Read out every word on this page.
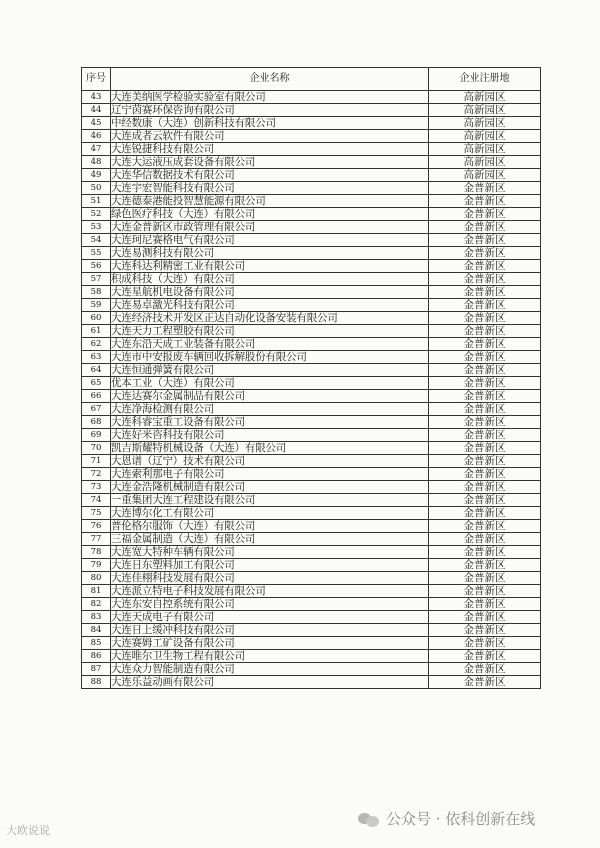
序号	企业名称	企业注册地
43	大连美纳医学检验实验室有限公司	高新园区
44	辽宁茵赛环保咨询有限公司	高新园区
45	中经数康（大连）创新科技有限公司	高新园区
46	大连成者云软件有限公司	高新园区
47	大连锐捷科技有限公司	高新园区
48	大连大运液压成套设备有限公司	高新园区
49	大连华信数据技术有限公司	高新园区
50	大连宇宏智能科技有限公司	金普新区
51	大连德泰港能投智慧能源有限公司	金普新区
52	绿色医疗科技（大连）有限公司	金普新区
53	大连金普新区市政管理有限公司	金普新区
54	大连珂尼赛格电气有限公司	金普新区
55	大连易测科技有限公司	金普新区
56	大连科达利精密工业有限公司	金普新区
57	积成科技（大连）有限公司	金普新区
58	大连星航机电设备有限公司	金普新区
59	大连易卓激光科技有限公司	金普新区
60	大连经济技术开发区正达自动化设备安装有限公司	金普新区
61	大连天力工程塑胶有限公司	金普新区
62	大连东沿天成工业装备有限公司	金普新区
63	大连市中安报废车辆回收拆解股份有限公司	金普新区
64	大连恒通弹簧有限公司	金普新区
65	优本工业（大连）有限公司	金普新区
66	大连达赛尔金属制品有限公司	金普新区
67	大连净海检测有限公司	金普新区
68	大连科睿宝重工设备有限公司	金普新区
69	大连好米咨科技有限公司	金普新区
70	凯吉斯耀特机械设备（大连）有限公司	金普新区
71	大恩谱（辽宁）技术有限公司	金普新区
72	大连索利那电子有限公司	金普新区
73	大连金浩隆机械制造有限公司	金普新区
74	一重集团大连工程建设有限公司	金普新区
75	大连博尔化工有限公司	金普新区
76	普伦格尔服饰（大连）有限公司	金普新区
77	三福金属制造（大连）有限公司	金普新区
78	大连宽大特种车辆有限公司	金普新区
79	大连日东塑料加工有限公司	金普新区
80	大连佳栩科技发展有限公司	金普新区
81	大连派立特电子科技发展有限公司	金普新区
82	大连东安自控系统有限公司	金普新区
83	大连天成电子有限公司	金普新区
84	大连日上缓冲科技有限公司	金普新区
85	大连赛姆工矿设备有限公司	金普新区
86	大连唯尔卫生物工程有限公司	金普新区
87	大连众力智能制造有限公司	金普新区
88	大连乐益动画有限公司	金普新区
公众号 · 依科创新在线
大欧说说
